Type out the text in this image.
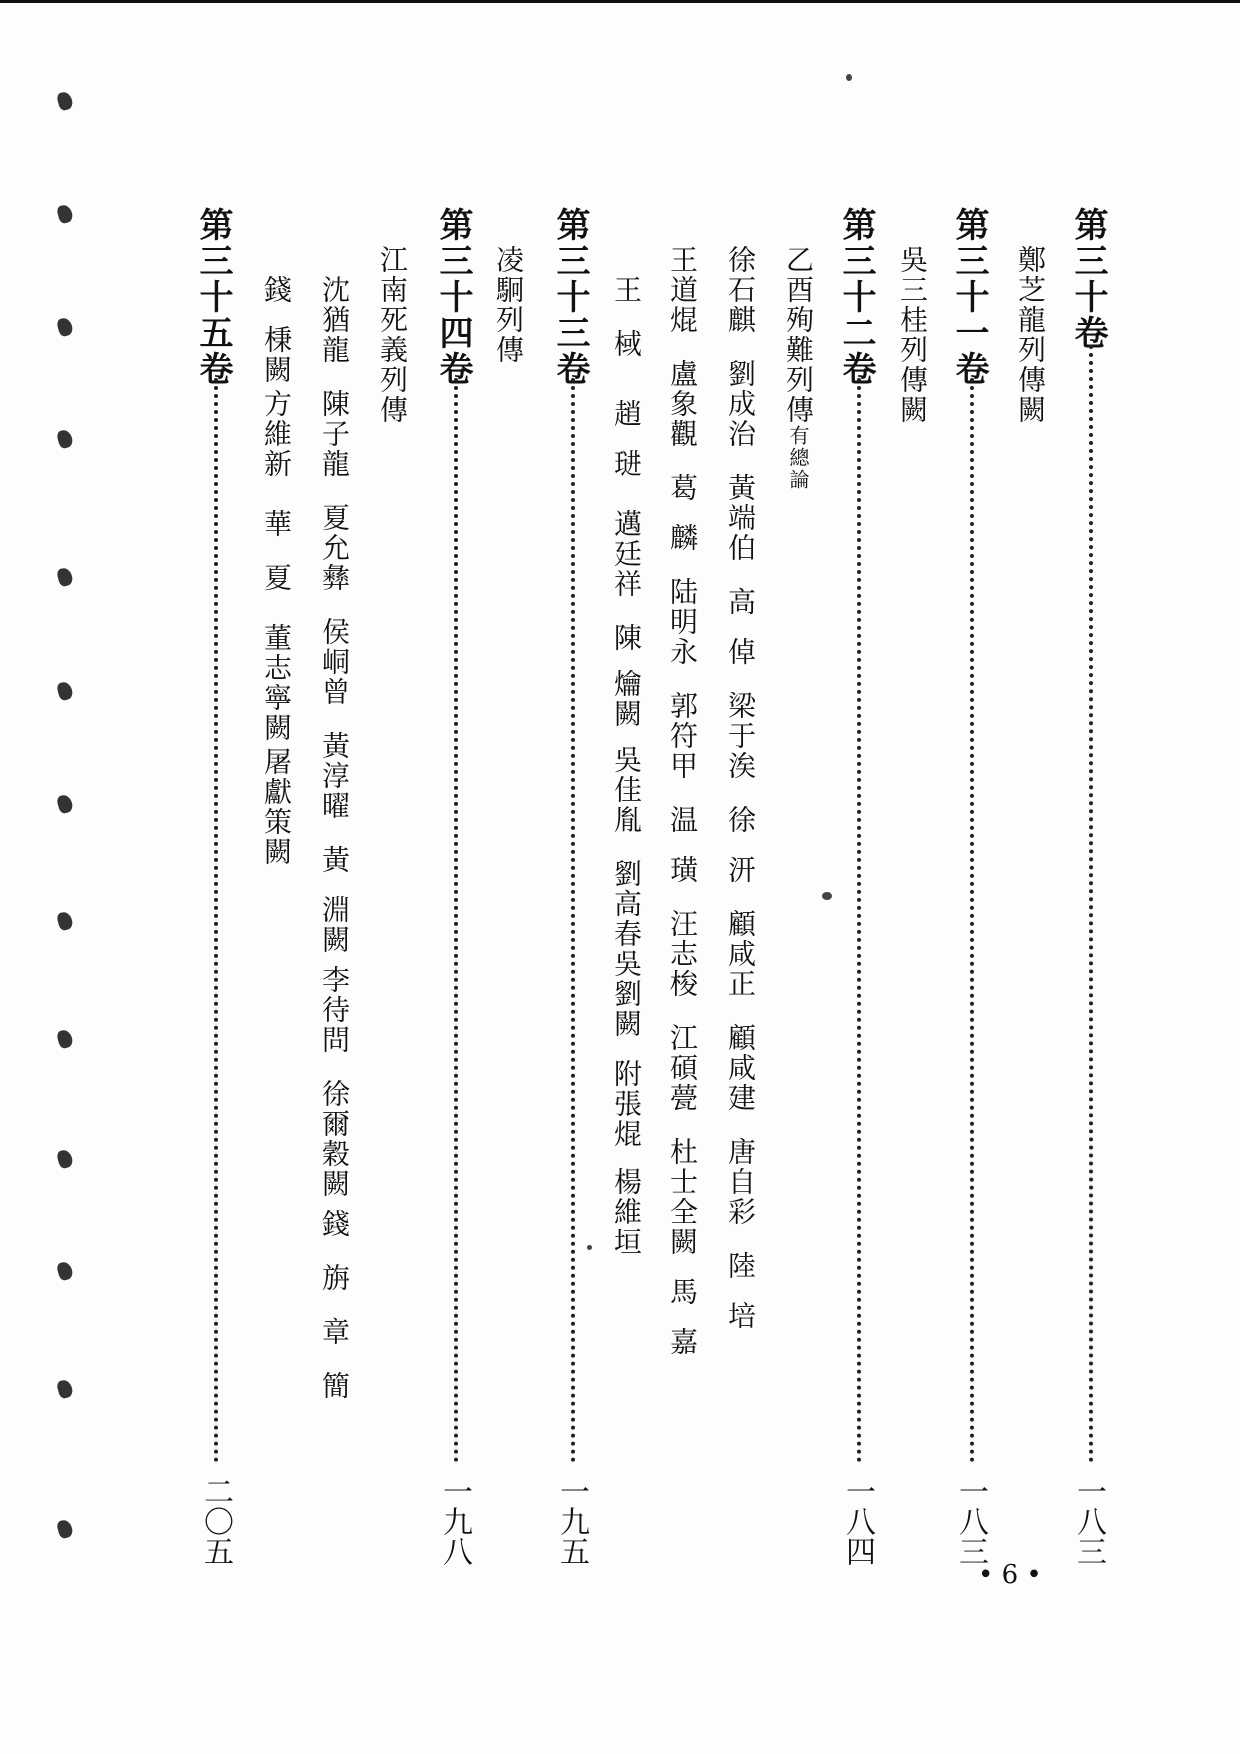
第三十卷
一八三
鄭芝龍列傳闕
第三十一卷
一八三
吳三桂列傳闕
第三十二卷
一八四
乙酉殉難列傳有總論
徐石麒劉成治黃端伯高倬梁于涘徐汧顧咸正顧咸建唐自彩陸培
王道焜盧象觀葛麟陆明永郭符甲温璜汪志梭江碩甍杜士全闕馬嘉
第三十三卷
一九五
王棫趙琎邁廷祥陳爚闕吳佳胤劉高春吳劉闕附張焜楊維垣
凌駉列傳
第三十四卷
一九八
江南死義列傳
沈猶龍陳子龍夏允彝侯峒曾黃淳曜黃淵闕李待問徐爾穀闕錢旃章簡
錢棅闕方維新華夏董志寧闕屠獻策闕
第三十五卷
二〇五
• 6 •
